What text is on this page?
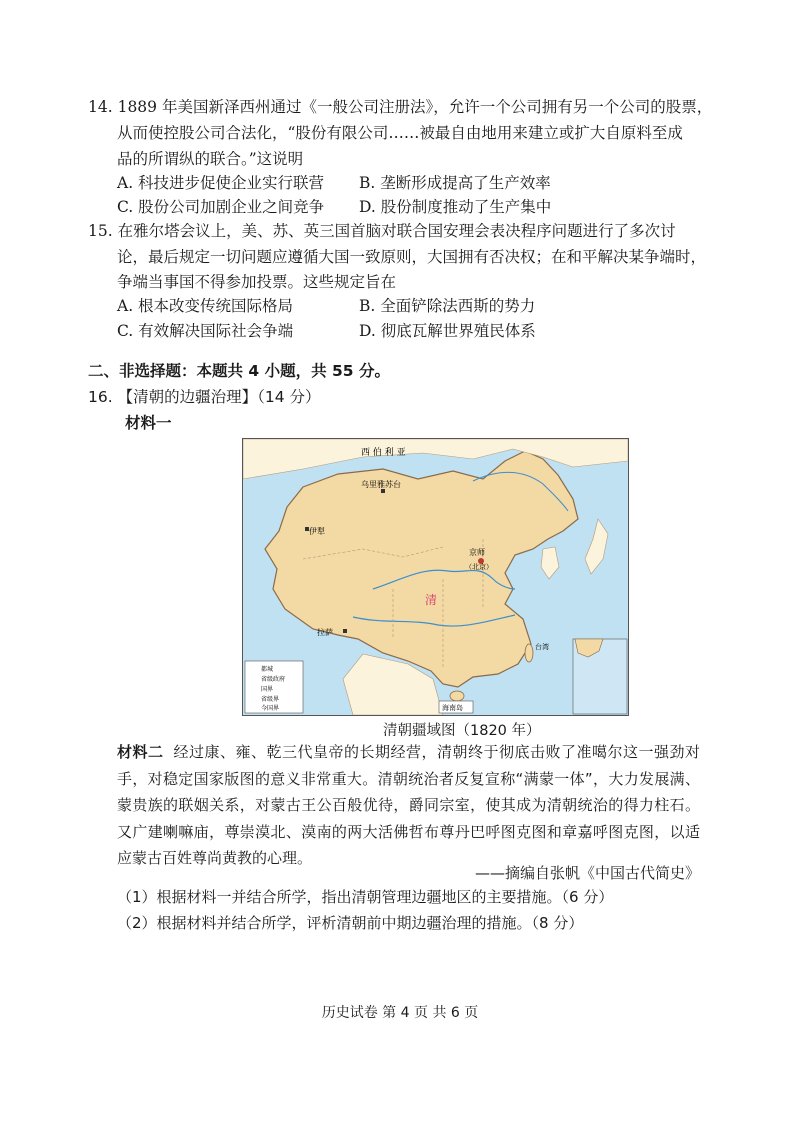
14. 1889 年美国新泽西州通过《一般公司注册法》，允许一个公司拥有另一个公司的股票，
从而使控股公司合法化，“股份有限公司……被最自由地用来建立或扩大自原料至成
品的所谓纵的联合。”这说明
A. 科技进步促使企业实行联营 B. 垄断形成提高了生产效率
C. 股份公司加剧企业之间竞争 D. 股份制度推动了生产集中
15. 在雅尔塔会议上，美、苏、英三国首脑对联合国安理会表决程序问题进行了多次讨
论，最后规定一切问题应遵循大国一致原则，大国拥有否决权；在和平解决某争端时，
争端当事国不得参加投票。这些规定旨在
A. 根本改变传统国际格局	B. 全面铲除法西斯的势力
C. 有效解决国际社会争端	D. 彻底瓦解世界殖民体系
二、非选择题：本题共 4 小题，共 55 分。
16. 【清朝的边疆治理】（14 分）
材料一
西 伯 利 亚
乌里雅苏台
伊犁
京师
（北京）
清
拉萨
台湾
都城
省级政府
国界
省级界
今国界	海南岛
清朝疆域图（1820 年）
材料二 经过康、雍、乾三代皇帝的长期经营，清朝终于彻底击败了准噶尔这一强劲对手，对稳定国家版图的意义非常重大。清朝统治者反复宣称“满蒙一体”，大力发展满、蒙贵族的联姻关系，对蒙古王公百般优待，爵同宗室，使其成为清朝统治的得力柱石。又广建喇嘛庙，尊崇漠北、漠南的两大活佛哲布尊丹巴呼图克图和章嘉呼图克图，以适应蒙古百姓尊尚黄教的心理。
——摘编自张帆《中国古代简史》
（1）根据材料一并结合所学，指出清朝管理边疆地区的主要措施。（6 分）
（2）根据材料并结合所学，评析清朝前中期边疆治理的措施。（8 分）
历史试卷 第 4 页 共 6 页
